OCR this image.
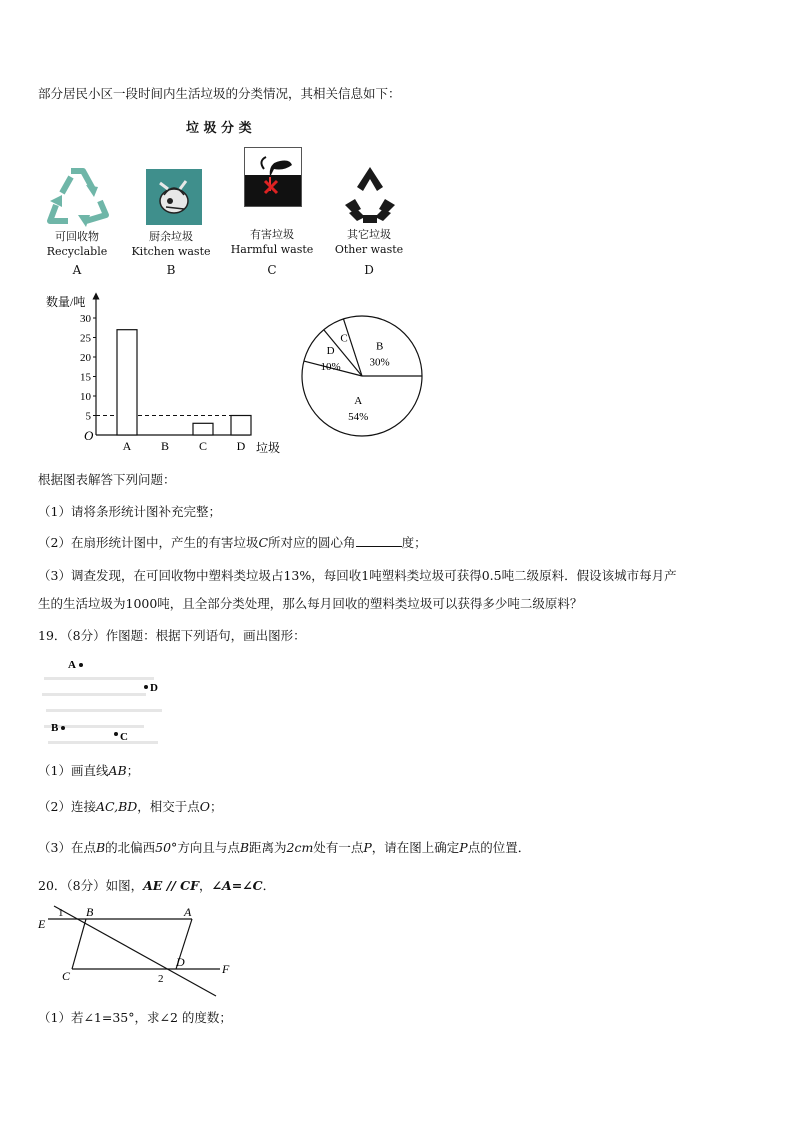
部分居民小区一段时间内生活垃圾的分类情况，其相关信息如下：
垃 圾 分 类
可回收物
Recyclable
A
厨余垃圾
Kitchen waste
B
有害垃圾
Harmful waste
C
其它垃圾
Other waste
D
数量/吨
O
垃圾
5
10
15
20
25
30
A B C D
A
54%
D
10%
C
B
30%
根据图表解答下列问题：
（1）请将条形统计图补充完整；
（2）在扇形统计图中，产生的有害垃圾C所对应的圆心角	度；
（3）调查发现，在可回收物中塑料类垃圾占13%，每回收1吨塑料类垃圾可获得0.5吨二级原料．假设该城市每月产
生的生活垃圾为1000吨，且全部分类处理，那么每月回收的塑料类垃圾可以获得多少吨二级原料？
19．（8分）作图题：根据下列语句，画出图形：
A
D
B
C
（1）画直线AB；
（2）连接AC,BD，相交于点O；
（3）在点B的北偏西50°方向且与点B距离为2cm处有一点P，请在图上确定P点的位置．
20．（8分）如图，AE // CF，∠A=∠C．
E
1 B	A
C	2
D	F
（1）若∠1=35°，求∠2 的度数；
